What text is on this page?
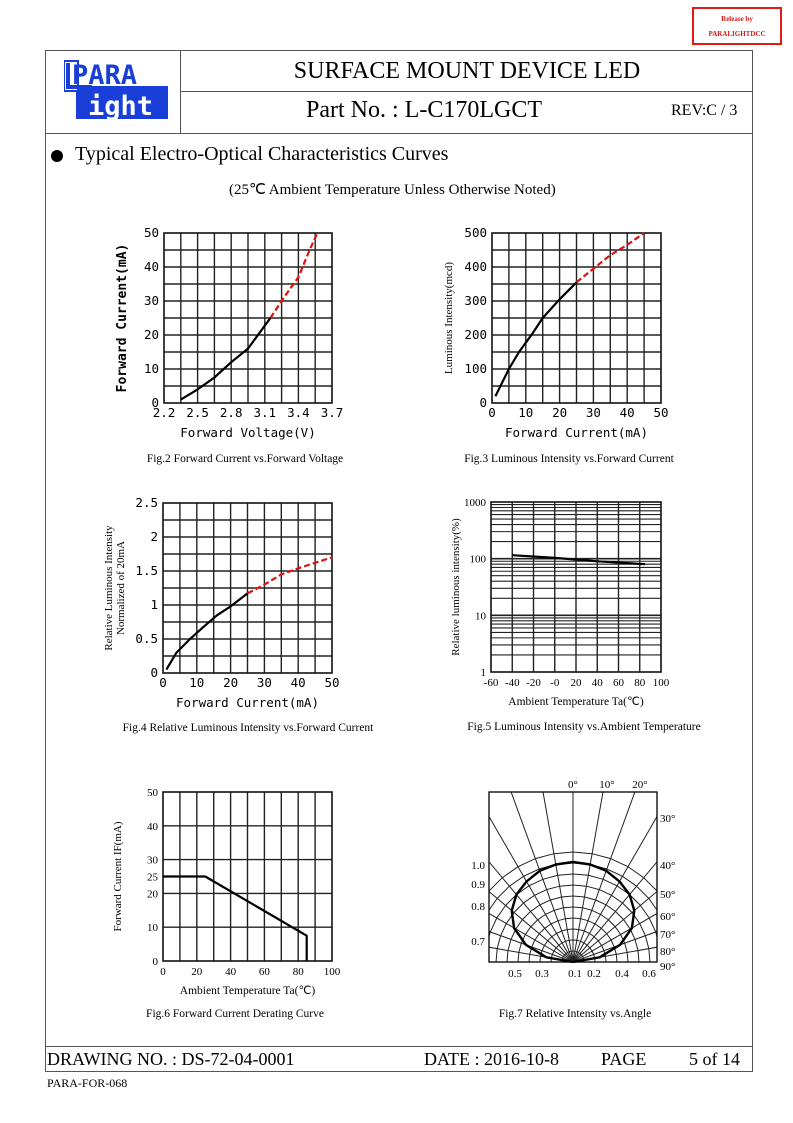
Release by
PARALIGHTDCC
PARA
ight
SURFACE MOUNT DEVICE LED
Part No. : L-C170LGCT	REV:C / 3
Typical Electro-Optical Characteristics Curves
(25℃ Ambient Temperature Unless Otherwise Noted)
2.2 2.5 2.8 3.1 3.4 3.7
0
10
20
30
40
50
Forward Voltage(V)
Forward Current(mA)
Fig.2 Forward Current vs.Forward Voltage
0 10 20 30 40 50
0
100
200
300
400
500
Forward Current(mA)
Luminous Intensity(mcd)
Fig.3 Luminous Intensity vs.Forward Current
0 10 20 30 40 50
0
0.5
1
1.5
2
2.5
Forward Current(mA)
Relative Luminous Intensity Normalized of 20mA
Fig.4 Relative Luminous Intensity vs.Forward Current
-60 -40 -20 -0 20 40 60 80 100
1
10
100
1000
Ambient Temperature Ta(℃)
Relative luminous intensity(%)
Fig.5 Luminous Intensity vs.Ambient Temperature
0 20 40 60 80 100
0
10
20
25
30
40
50
Ambient Temperature Ta(℃)
Forward Current IF(mA)
Fig.6 Forward Current Derating Curve
0° 10° 20°
30°
40°
50°
60°
70°
80°
90°
1.0
0.9
0.8
0.7
0.5 0.3 0.1 0.2 0.4 0.6
Fig.7 Relative Intensity vs.Angle
DRAWING NO. : DS-72-04-0001	DATE : 2016-10-8 PAGE 5 of 14
PARA-FOR-068
